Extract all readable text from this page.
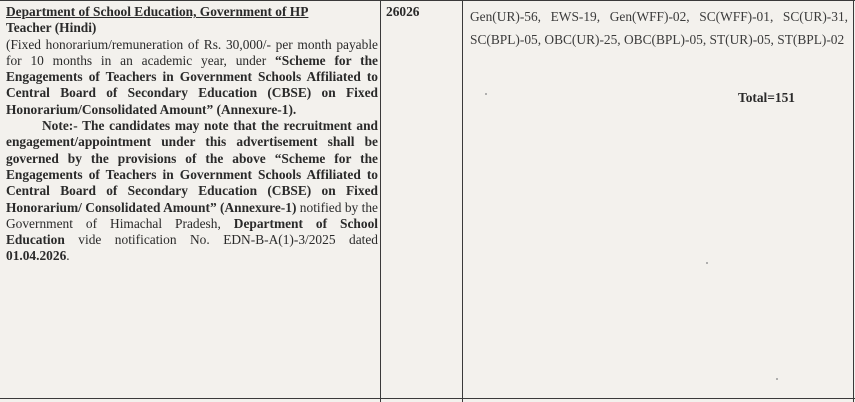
Department of School Education, Government of HP

Teacher (Hindi)

(Fixed honorarium/remuneration of Rs. 30,000/- per month payable for 10 months in an academic year, under “Scheme for the Engagements of Teachers in Government Schools Affiliated to Central Board of Secondary Education (CBSE) on Fixed Honorarium/Consolidated Amount” (Annexure-1).

Note:- The candidates may note that the recruitment and engagement/appointment under this advertisement shall be governed by the provisions of the above “Scheme for the Engagements of Teachers in Government Schools Affiliated to Central Board of Secondary Education (CBSE) on Fixed Honorarium/ Consolidated Amount” (Annexure-1) notified by the Government of Himachal Pradesh, Department of School Education vide notification No. EDN-B-A(1)-3/2025 dated 01.04.2026.

26026	Gen(UR)-56, EWS-19, Gen(WFF)-02, SC(WFF)-01, SC(UR)-31, SC(BPL)-05, OBC(UR)-25, OBC(BPL)-05, ST(UR)-05, ST(BPL)-02
Total=151
